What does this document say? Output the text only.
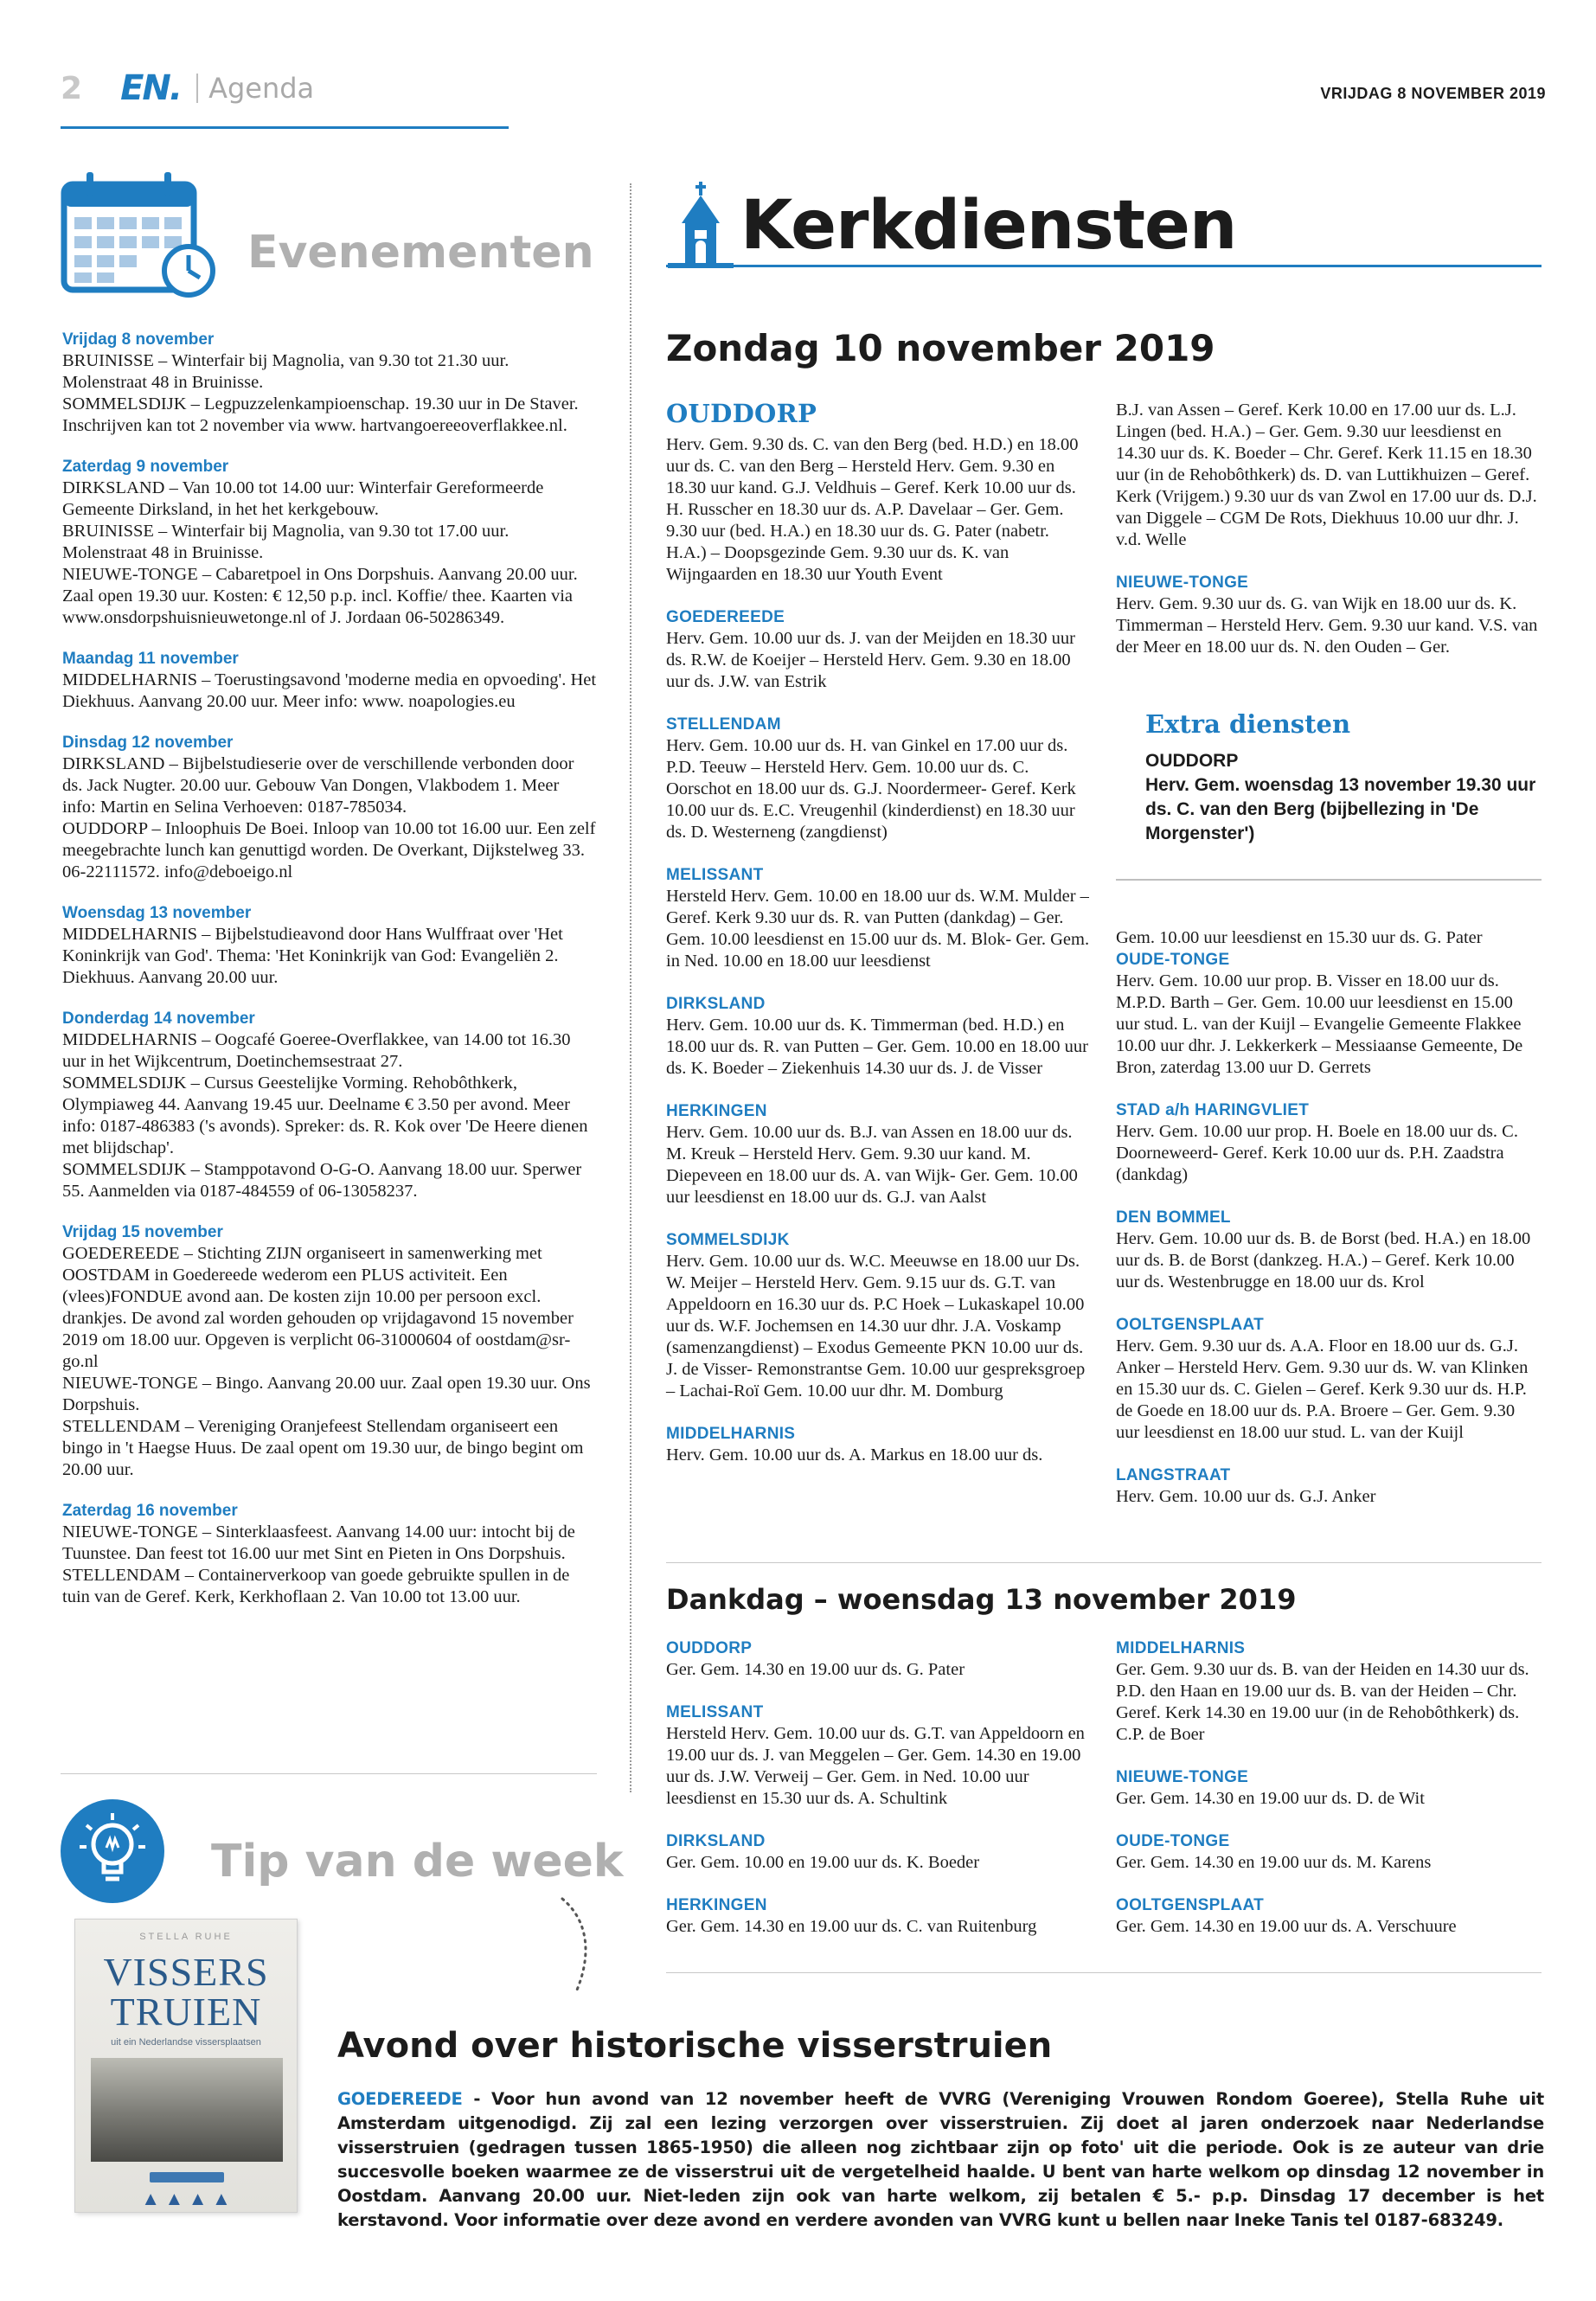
2 EN. Agenda	VRIJDAG 8 NOVEMBER 2019
Evenementen
Vrijdag 8 november

BRUINISSE – Winterfair bij Magnolia, van 9.30 tot 21.30 uur. Molenstraat 48 in Bruinisse.
SOMMELSDIJK – Legpuzzelenkampioenschap. 19.30 uur in De Staver. Inschrijven kan tot 2 november via www. hartvangoereeoverflakkee.nl.

Zaterdag 9 november

DIRKSLAND – Van 10.00 tot 14.00 uur: Winterfair Gereformeerde Gemeente Dirksland, in het het kerkgebouw.
BRUINISSE – Winterfair bij Magnolia, van 9.30 tot 17.00 uur. Molenstraat 48 in Bruinisse.
NIEUWE-TONGE – Cabaretpoel in Ons Dorpshuis. Aanvang 20.00 uur. Zaal open 19.30 uur. Kosten: € 12,50 p.p. incl. Koffie/ thee. Kaarten via www.onsdorpshuisnieuwetonge.nl of J. Jordaan 06-50286349.

Maandag 11 november

MIDDELHARNIS – Toerustingsavond 'moderne media en opvoeding'. Het Diekhuus. Aanvang 20.00 uur. Meer info: www. noapologies.eu

Dinsdag 12 november

DIRKSLAND – Bijbelstudieserie over de verschillende verbonden door ds. Jack Nugter. 20.00 uur. Gebouw Van Dongen, Vlakbodem 1. Meer info: Martin en Selina Verhoeven: 0187-785034.
OUDDORP – Inloophuis De Boei. Inloop van 10.00 tot 16.00 uur. Een zelf meegebrachte lunch kan genuttigd worden. De Overkant, Dijkstelweg 33. 06-22111572. info@deboeigo.nl

Woensdag 13 november

MIDDELHARNIS – Bijbelstudieavond door Hans Wulffraat over 'Het Koninkrijk van God'. Thema: 'Het Koninkrijk van God: Evangeliën 2. Diekhuus. Aanvang 20.00 uur.

Donderdag 14 november

MIDDELHARNIS – Oogcafé Goeree-Overflakkee, van 14.00 tot 16.30 uur in het Wijkcentrum, Doetinchemsestraat 27.
SOMMELSDIJK – Cursus Geestelijke Vorming. Rehobôthkerk, Olympiaweg 44. Aanvang 19.45 uur. Deelname € 3.50 per avond. Meer info: 0187-486383 ('s avonds). Spreker: ds. R. Kok over 'De Heere dienen met blijdschap'.
SOMMELSDIJK – Stamppotavond O-G-O. Aanvang 18.00 uur. Sperwer 55. Aanmelden via 0187-484559 of 06-13058237.

Vrijdag 15 november

GOEDEREEDE – Stichting ZIJN organiseert in samenwerking met OOSTDAM in Goedereede wederom een PLUS activiteit. Een (vlees)FONDUE avond aan. De kosten zijn 10.00 per persoon excl. drankjes. De avond zal worden gehouden op vrijdagavond 15 november 2019 om 18.00 uur. Opgeven is verplicht 06-31000604 of oostdam@sr-go.nl
NIEUWE-TONGE – Bingo. Aanvang 20.00 uur. Zaal open 19.30 uur. Ons Dorpshuis.
STELLENDAM – Vereniging Oranjefeest Stellendam organiseert een bingo in 't Haegse Huus. De zaal opent om 19.30 uur, de bingo begint om 20.00 uur.

Zaterdag 16 november

NIEUWE-TONGE – Sinterklaasfeest. Aanvang 14.00 uur: intocht bij de Tuunstee. Dan feest tot 16.00 uur met Sint en Pieten in Ons Dorpshuis.
STELLENDAM – Containerverkoop van goede gebruikte spullen in de tuin van de Geref. Kerk, Kerkhoflaan 2. Van 10.00 tot 13.00 uur.

Tip van de week
STELLA RUHE
VISSERS
TRUIEN
uit ein Nederlandse vissersplaatsen
▲ ▲ ▲ ▲
Kerkdiensten
Zondag 10 november 2019
OUDDORP

Herv. Gem. 9.30 ds. C. van den Berg (bed. H.D.) en 18.00 uur ds. C. van den Berg – Hersteld Herv. Gem. 9.30 en 18.30 uur kand. G.J. Veldhuis – Geref. Kerk 10.00 uur ds. H. Russcher en 18.30 uur ds. A.P. Davelaar – Ger. Gem. 9.30 uur (bed. H.A.) en 18.30 uur ds. G. Pater (nabetr. H.A.) – Doopsgezinde Gem. 9.30 uur ds. K. van Wijngaarden en 18.30 uur Youth Event

GOEDEREEDE

Herv. Gem. 10.00 uur ds. J. van der Meijden en 18.30 uur ds. R.W. de Koeijer – Hersteld Herv. Gem. 9.30 en 18.00 uur ds. J.W. van Estrik

STELLENDAM

Herv. Gem. 10.00 uur ds. H. van Ginkel en 17.00 uur ds. P.D. Teeuw – Hersteld Herv. Gem. 10.00 uur ds. C. Oorschot en 18.00 uur ds. G.J. Noordermeer- Geref. Kerk 10.00 uur ds. E.C. Vreugenhil (kinderdienst) en 18.30 uur ds. D. Westerneng (zangdienst)

MELISSANT

Hersteld Herv. Gem. 10.00 en 18.00 uur ds. W.M. Mulder – Geref. Kerk 9.30 uur ds. R. van Putten (dankdag) – Ger. Gem. 10.00 leesdienst en 15.00 uur ds. M. Blok- Ger. Gem. in Ned. 10.00 en 18.00 uur leesdienst

DIRKSLAND

Herv. Gem. 10.00 uur ds. K. Timmerman (bed. H.D.) en 18.00 uur ds. R. van Putten – Ger. Gem. 10.00 en 18.00 uur ds. K. Boeder – Ziekenhuis 14.30 uur ds. J. de Visser

HERKINGEN

Herv. Gem. 10.00 uur ds. B.J. van Assen en 18.00 uur ds. M. Kreuk – Hersteld Herv. Gem. 9.30 uur kand. M. Diepeveen en 18.00 uur ds. A. van Wijk- Ger. Gem. 10.00 uur leesdienst en 18.00 uur ds. G.J. van Aalst

SOMMELSDIJK

Herv. Gem. 10.00 uur ds. W.C. Meeuwse en 18.00 uur Ds. W. Meijer – Hersteld Herv. Gem. 9.15 uur ds. G.T. van Appeldoorn en 16.30 uur ds. P.C Hoek – Lukaskapel 10.00 uur ds. W.F. Jochemsen en 14.30 uur dhr. J.A. Voskamp (samenzangdienst) – Exodus Gemeente PKN 10.00 uur ds. J. de Visser- Remonstrantse Gem. 10.00 uur gespreksgroep – Lachai-Roï Gem. 10.00 uur dhr. M. Domburg

MIDDELHARNIS

Herv. Gem. 10.00 uur ds. A. Markus en 18.00 uur ds.

B.J. van Assen – Geref. Kerk 10.00 en 17.00 uur ds. L.J. Lingen (bed. H.A.) – Ger. Gem. 9.30 uur leesdienst en 14.30 uur ds. K. Boeder – Chr. Geref. Kerk 11.15 en 18.30 uur (in de Rehobôthkerk) ds. D. van Luttikhuizen – Geref. Kerk (Vrijgem.) 9.30 uur ds van Zwol en 17.00 uur ds. D.J. van Diggele – CGM De Rots, Diekhuus 10.00 uur dhr. J. v.d. Welle

NIEUWE-TONGE

Herv. Gem. 9.30 uur ds. G. van Wijk en 18.00 uur ds. K. Timmerman – Hersteld Herv. Gem. 9.30 uur kand. V.S. van der Meer en 18.00 uur ds. N. den Ouden – Ger.

Extra diensten
OUDDORP
Herv. Gem. woensdag 13 november 19.30 uur ds. C. van den Berg (bijbellezing in 'De Morgenster')

Gem. 10.00 uur leesdienst en 15.30 uur ds. G. Pater

OUDE-TONGE

Herv. Gem. 10.00 uur prop. B. Visser en 18.00 uur ds. M.P.D. Barth – Ger. Gem. 10.00 uur leesdienst en 15.00 uur stud. L. van der Kuijl – Evangelie Gemeente Flakkee 10.00 uur dhr. J. Lekkerkerk – Messiaanse Gemeente, De Bron, zaterdag 13.00 uur D. Gerrets

STAD a/h HARINGVLIET

Herv. Gem. 10.00 uur prop. H. Boele en 18.00 uur ds. C. Doorneweerd- Geref. Kerk 10.00 uur ds. P.H. Zaadstra (dankdag)

DEN BOMMEL

Herv. Gem. 10.00 uur ds. B. de Borst (bed. H.A.) en 18.00 uur ds. B. de Borst (dankzeg. H.A.) – Geref. Kerk 10.00 uur ds. Westenbrugge en 18.00 uur ds. Krol

OOLTGENSPLAAT

Herv. Gem. 9.30 uur ds. A.A. Floor en 18.00 uur ds. G.J. Anker – Hersteld Herv. Gem. 9.30 uur ds. W. van Klinken en 15.30 uur ds. C. Gielen – Geref. Kerk 9.30 uur ds. H.P. de Goede en 18.00 uur ds. P.A. Broere – Ger. Gem. 9.30 uur leesdienst en 18.00 uur stud. L. van der Kuijl

LANGSTRAAT

Herv. Gem. 10.00 uur ds. G.J. Anker

Dankdag – woensdag 13 november 2019
OUDDORP

Ger. Gem. 14.30 en 19.00 uur ds. G. Pater

MELISSANT

Hersteld Herv. Gem. 10.00 uur ds. G.T. van Appeldoorn en 19.00 uur ds. J. van Meggelen – Ger. Gem. 14.30 en 19.00 uur ds. J.W. Verweij – Ger. Gem. in Ned. 10.00 uur leesdienst en 15.30 uur ds. A. Schultink

DIRKSLAND

Ger. Gem. 10.00 en 19.00 uur ds. K. Boeder

HERKINGEN

Ger. Gem. 14.30 en 19.00 uur ds. C. van Ruitenburg

MIDDELHARNIS

Ger. Gem. 9.30 uur ds. B. van der Heiden en 14.30 uur ds. P.D. den Haan en 19.00 uur ds. B. van der Heiden – Chr. Geref. Kerk 14.30 en 19.00 uur (in de Rehobôthkerk) ds. C.P. de Boer

NIEUWE-TONGE

Ger. Gem. 14.30 en 19.00 uur ds. D. de Wit

OUDE-TONGE

Ger. Gem. 14.30 en 19.00 uur ds. M. Karens

OOLTGENSPLAAT

Ger. Gem. 14.30 en 19.00 uur ds. A. Verschuure

Avond over historische visserstruien
GOEDEREEDE - Voor hun avond van 12 november heeft de VVRG (Vereniging Vrouwen Rondom Goeree), Stella Ruhe uit Amsterdam uitgenodigd. Zij zal een lezing verzorgen over visserstruien. Zij doet al jaren onderzoek naar Nederlandse visserstruien (gedragen tussen 1865-1950) die alleen nog zichtbaar zijn op foto' uit die periode. Ook is ze auteur van drie succesvolle boeken waarmee ze de visserstrui uit de vergetelheid haalde. U bent van harte welkom op dinsdag 12 november in Oostdam. Aanvang 20.00 uur. Niet-leden zijn ook van harte welkom, zij betalen € 5.- p.p. Dinsdag 17 december is het kerstavond. Voor informatie over deze avond en verdere avonden van VVRG kunt u bellen naar Ineke Tanis tel 0187-683249.
